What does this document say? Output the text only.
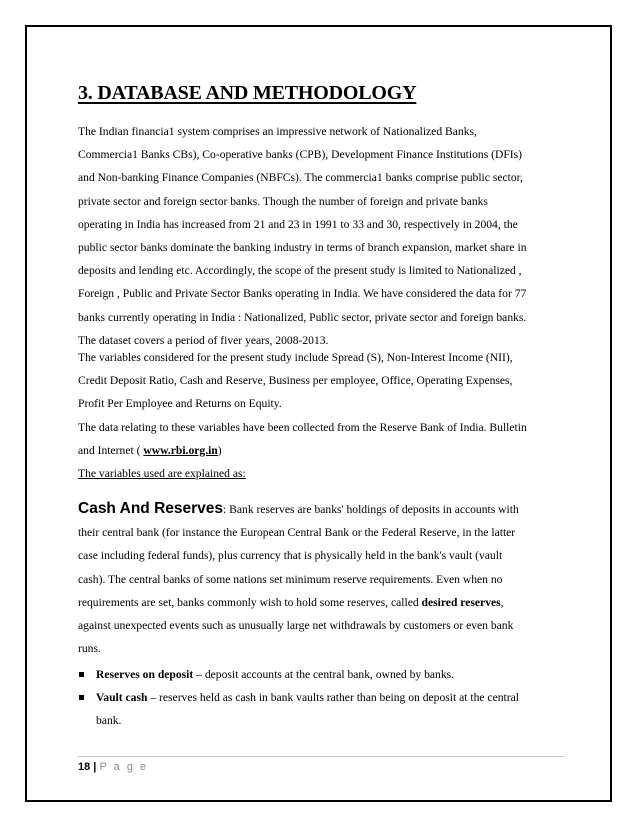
3. DATABASE AND METHODOLOGY

The Indian financia1 system comprises an impressive network of Nationalized Banks,
Commercia1 Banks CBs), Co-operative banks (CPB), Development Finance Institutions (DFIs)
and Non-banking Finance Companies (NBFCs). The commercia1 banks comprise public sector,
private sector and foreign sector banks. Though the number of foreign and private banks
operating in India has increased from 21 and 23 in 1991 to 33 and 30, respectively in 2004, the
public sector banks dominate the banking industry in terms of branch expansion, market share in
deposits and lending etc. Accordingly, the scope of the present study is limited to Nationalized ,
Foreign , Public and Private Sector Banks operating in India. We have considered the data for 77
banks currently operating in India : Nationalized, Public sector, private sector and foreign banks.
The dataset covers a period of fiver years, 2008-2013.

The variables considered for the present study include Spread (S), Non-Interest Income (NII),
Credit Deposit Ratio, Cash and Reserve, Business per employee, Office, Operating Expenses,
Profit Per Employee and Returns on Equity.
The data relating to these variables have been collected from the Reserve Bank of India. Bulletin
and Internet ( www.rbi.org.in)

The variables used are explained as:

Cash And Reserves: Bank reserves are banks' holdings of deposits in accounts with
their central bank (for instance the European Central Bank or the Federal Reserve, in the latter
case including federal funds), plus currency that is physically held in the bank's vault (vault
cash). The central banks of some nations set minimum reserve requirements. Even when no
requirements are set, banks commonly wish to hold some reserves, called desired reserves,
against unexpected events such as unusually large net withdrawals by customers or even bank
runs.

Reserves on deposit – deposit accounts at the central bank, owned by banks.
Vault cash – reserves held as cash in bank vaults rather than being on deposit at the central
bank.
18 | P a g e
